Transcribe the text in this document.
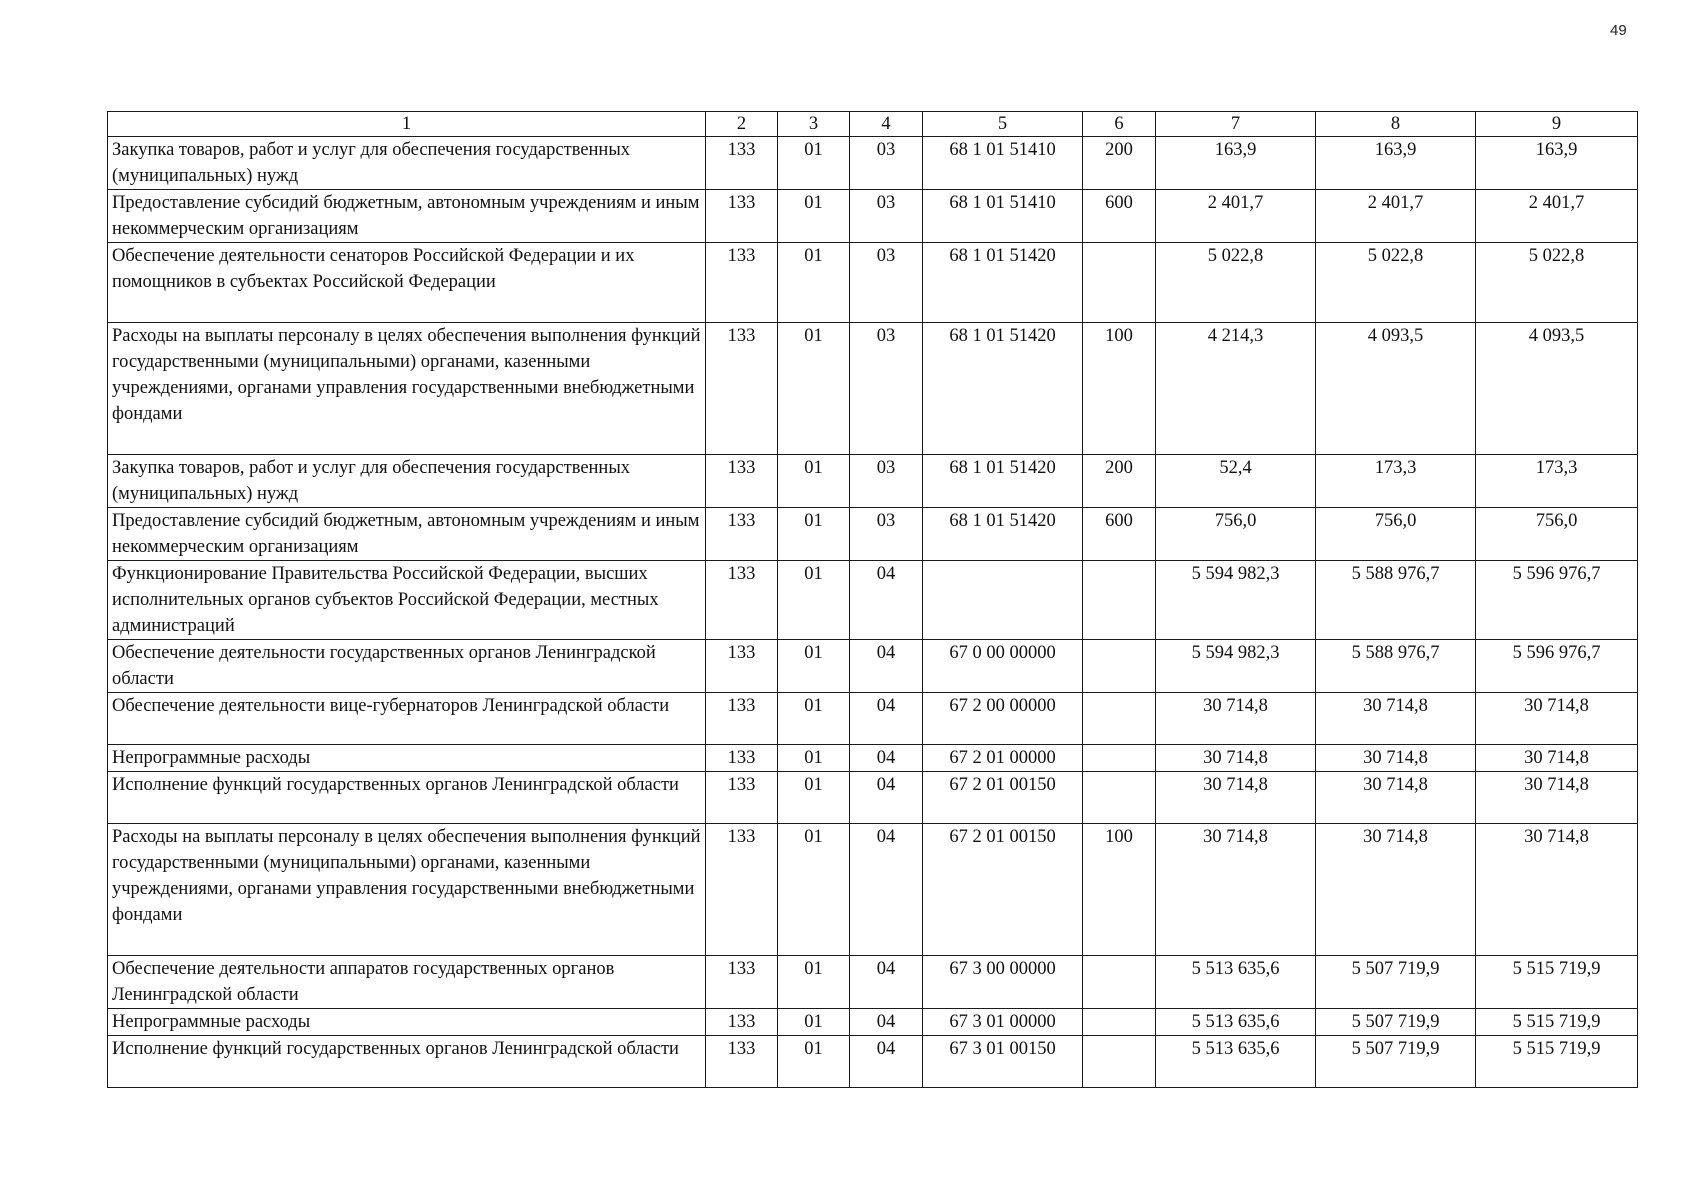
49
1	2	3	4	5	6	7	8	9
Закупка товаров, работ и услуг для обеспечения государственных (муниципальных) нужд	133	01	03	68 1 01 51410	200	163,9	163,9	163,9
Предоставление субсидий бюджетным, автономным учреждениям и иным некоммерческим организациям	133	01	03	68 1 01 51410	600	2 401,7	2 401,7	2 401,7
Обеспечение деятельности сенаторов Российской Федерации и их помощников в субъектах Российской Федерации	133	01	03	68 1 01 51420		5 022,8	5 022,8	5 022,8
Расходы на выплаты персоналу в целях обеспечения выполнения функций государственными (муниципальными) органами, казенными учреждениями, органами управления государственными внебюджетными фондами	133	01	03	68 1 01 51420	100	4 214,3	4 093,5	4 093,5
Закупка товаров, работ и услуг для обеспечения государственных (муниципальных) нужд	133	01	03	68 1 01 51420	200	52,4	173,3	173,3
Предоставление субсидий бюджетным, автономным учреждениям и иным некоммерческим организациям	133	01	03	68 1 01 51420	600	756,0	756,0	756,0
Функционирование Правительства Российской Федерации, высших исполнительных органов субъектов Российской Федерации, местных администраций	133	01	04			5 594 982,3	5 588 976,7	5 596 976,7
Обеспечение деятельности государственных органов Ленинградской области	133	01	04	67 0 00 00000		5 594 982,3	5 588 976,7	5 596 976,7
Обеспечение деятельности вице-губернаторов Ленинградской области	133	01	04	67 2 00 00000		30 714,8	30 714,8	30 714,8
Непрограммные расходы	133	01	04	67 2 01 00000		30 714,8	30 714,8	30 714,8
Исполнение функций государственных органов Ленинградской области	133	01	04	67 2 01 00150		30 714,8	30 714,8	30 714,8
Расходы на выплаты персоналу в целях обеспечения выполнения функций государственными (муниципальными) органами, казенными учреждениями, органами управления государственными внебюджетными фондами	133	01	04	67 2 01 00150	100	30 714,8	30 714,8	30 714,8
Обеспечение деятельности аппаратов государственных органов Ленинградской области	133	01	04	67 3 00 00000		5 513 635,6	5 507 719,9	5 515 719,9
Непрограммные расходы	133	01	04	67 3 01 00000		5 513 635,6	5 507 719,9	5 515 719,9
Исполнение функций государственных органов Ленинградской области	133	01	04	67 3 01 00150		5 513 635,6	5 507 719,9	5 515 719,9
